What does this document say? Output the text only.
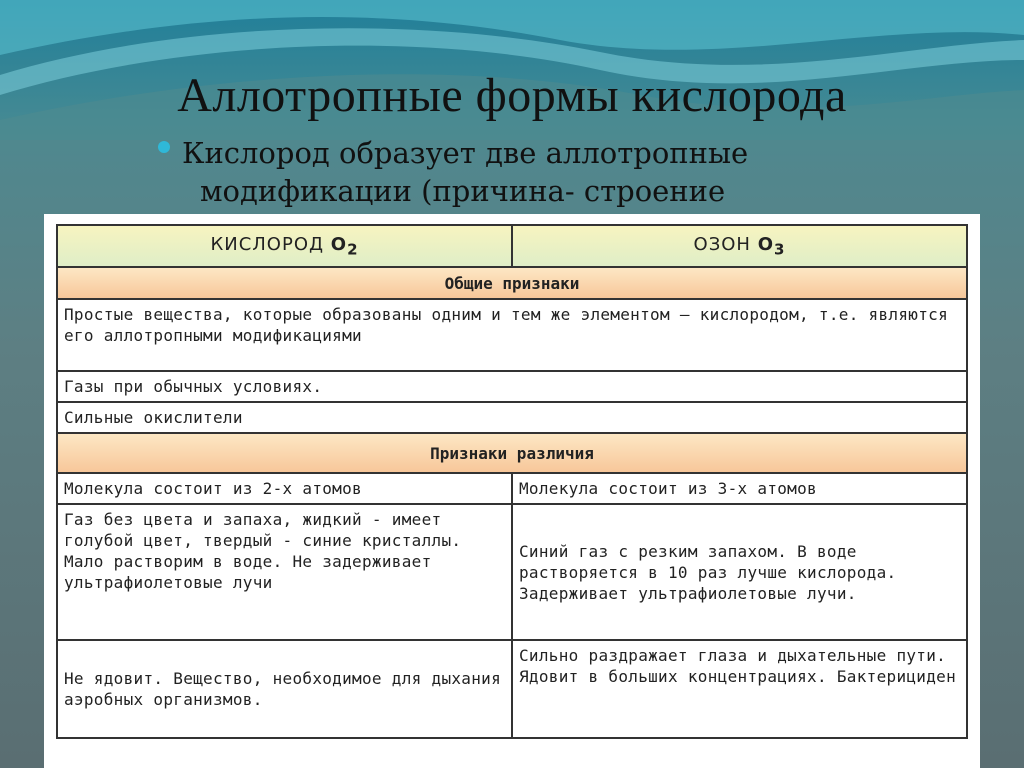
Аллотропные формы кислорода

Кислород образует две аллотропные
модификации (причина- строение

КИСЛОРОД $O_2$	ОЗОН $O_3$
Общие признаки	
Простые вещества, которые образованы одним и тем же элементом – кислородом, т.е. являются его аллотропными модификациями	
Газы при обычных условиях.	
Сильные окислители	
Признаки различия	
Молекула состоит из 2-х атомов	Молекула состоит из 3-х атомов
Газ без цвета и запаха, жидкий - имеет голубой цвет, твердый - синие кристаллы. Мало растворим в воде. Не задерживает ультрафиолетовые лучи	Синий газ с резким запахом. В воде растворяется в 10 раз лучше кислорода. Задерживает ультрафиолетовые лучи.
Не ядовит. Вещество, необходимое для дыхания аэробных организмов.	Сильно раздражает глаза и дыхательные пути. Ядовит в больших концентрациях. Бактерициден
